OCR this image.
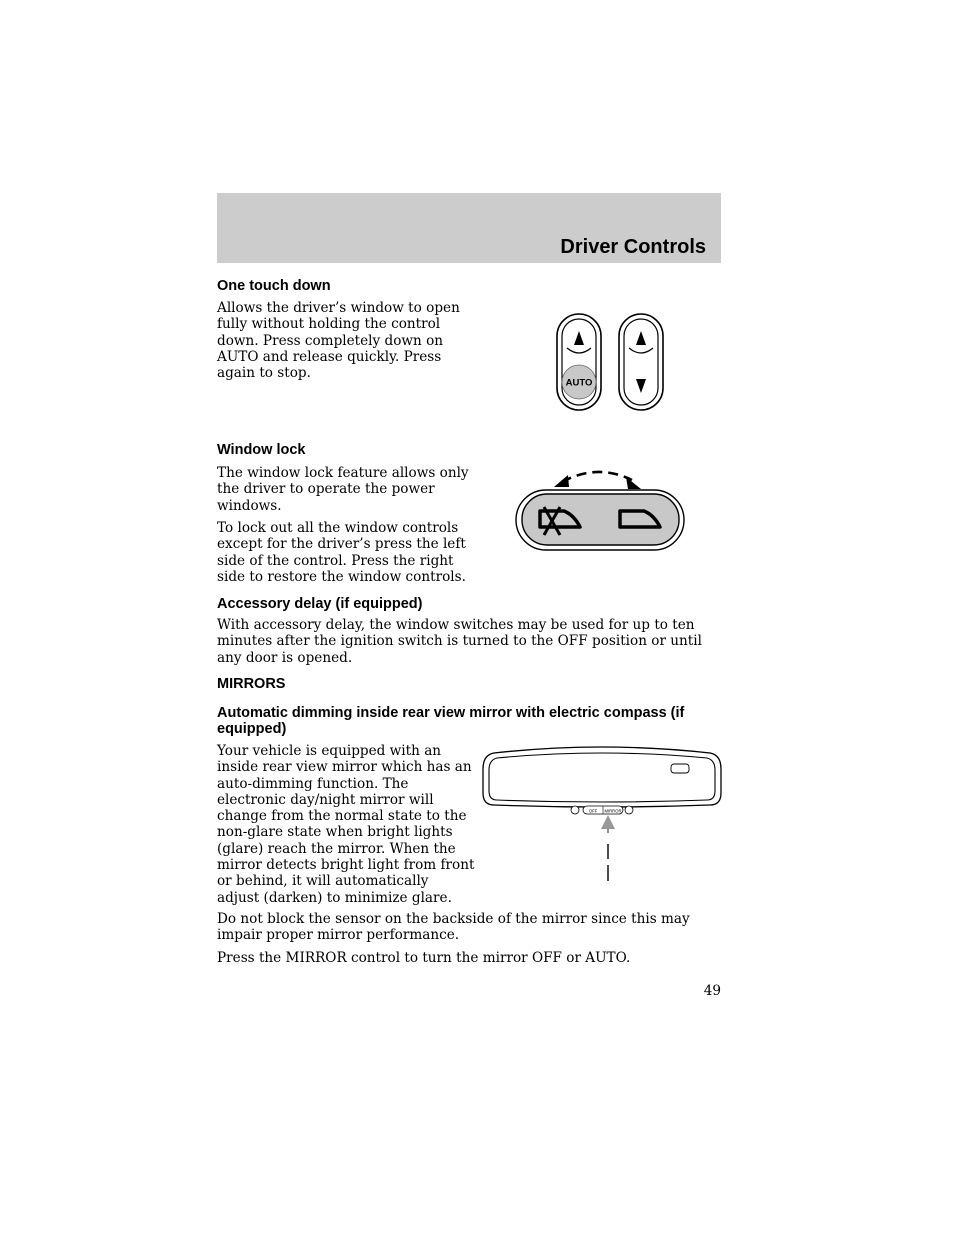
Driver Controls
One touch down

Allows the driver’s window to open fully without holding the control down. Press completely down on AUTO and release quickly. Press again to stop.

AUTO
Window lock

The window lock feature allows only the driver to operate the power windows.

To lock out all the window controls except for the driver’s press the left side of the control. Press the right side to restore the window controls.

Accessory delay (if equipped)

With accessory delay, the window switches may be used for up to ten minutes after the ignition switch is turned to the OFF position or until any door is opened.

MIRRORS
Automatic dimming inside rear view mirror with electric compass (if equipped)

Your vehicle is equipped with an inside rear view mirror which has an auto-dimming function. The electronic day/night mirror will change from the normal state to the non-glare state when bright lights (glare) reach the mirror. When the mirror detects bright light from front or behind, it will automatically adjust (darken) to minimize glare.

OFF MIRROR

Do not block the sensor on the backside of the mirror since this may impair proper mirror performance.

Press the MIRROR control to turn the mirror OFF or AUTO.

49
